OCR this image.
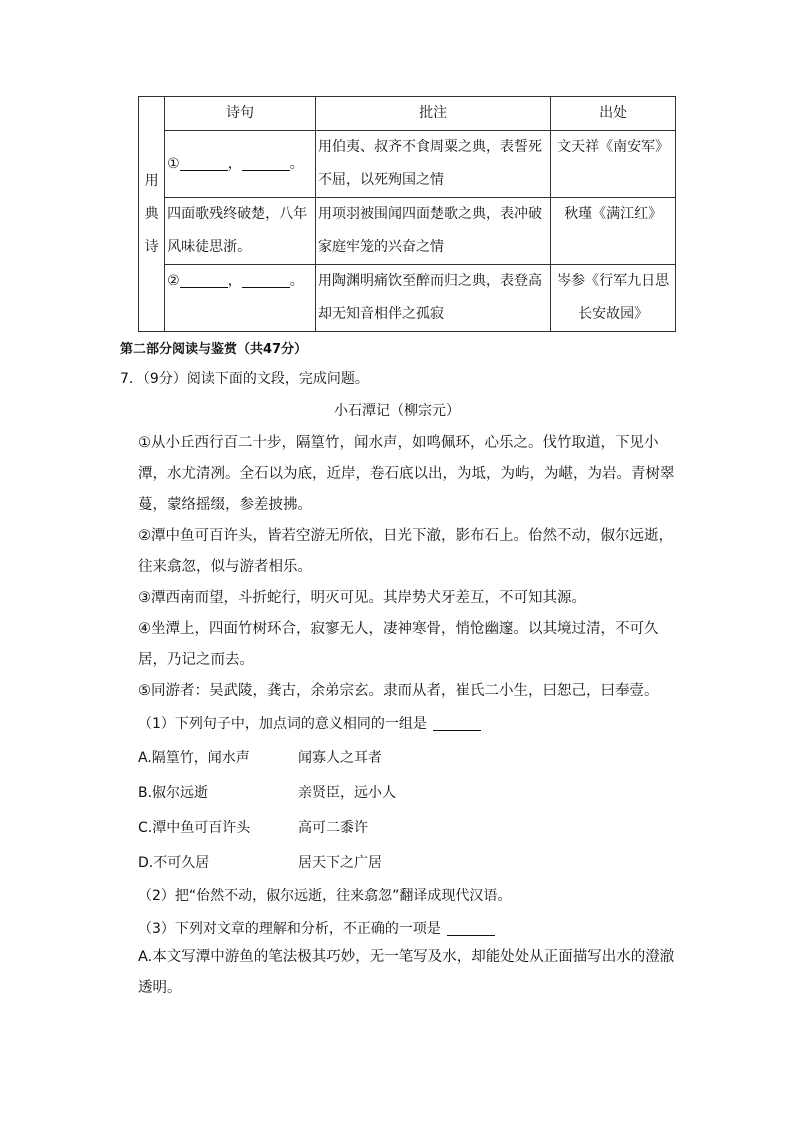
用
典
诗	诗句	批注	出处
	① ， 。	用伯夷、叔齐不食周粟之典，表誓死不屈，以死殉国之情	文天祥《南安军》
	四面歌残终破楚，八年风味徒思浙。	用项羽被围闻四面楚歌之典，表冲破家庭牢笼的兴奋之情	秋瑾《满江红》
	② ， 。	用陶渊明痛饮至醉而归之典，表登高却无知音相伴之孤寂	岑参《行军九日思长安故园》
第二部分阅读与鉴赏（共47分）
7．（9分）阅读下面的文段，完成问题。
小石潭记（柳宗元）
①从小丘西行百二十步，隔篁竹，闻水声，如鸣佩环，心乐之。伐竹取道，下见小潭，水尤清冽。全石以为底，近岸，卷石底以出，为坻，为屿，为嵁，为岩。青树翠蔓，蒙络摇缀，参差披拂。
②潭中鱼可百许头，皆若空游无所依，日光下澈，影布石上。佁然不动，俶尔远逝，往来翕忽，似与游者相乐。
③潭西南而望，斗折蛇行，明灭可见。其岸势犬牙差互，不可知其源。
④坐潭上，四面竹树环合，寂寥无人，凄神寒骨，悄怆幽邃。以其境过清，不可久居，乃记之而去。
⑤同游者：吴武陵，龚古，余弟宗玄。隶而从者，崔氏二小生，曰恕己，曰奉壹。
（1）下列句子中，加点词的意义相同的一组是
A.隔篁竹，闻水声	闻寡人之耳者
B.俶尔远逝	亲贤臣，远小人
C.潭中鱼可百许头	高可二黍许
D.不可久居	居天下之广居
（2）把“佁然不动，俶尔远逝，往来翕忽”翻译成现代汉语。
（3）下列对文章的理解和分析，不正确的一项是
A.本文写潭中游鱼的笔法极其巧妙，无一笔写及水，却能处处从正面描写出水的澄澈透明。
